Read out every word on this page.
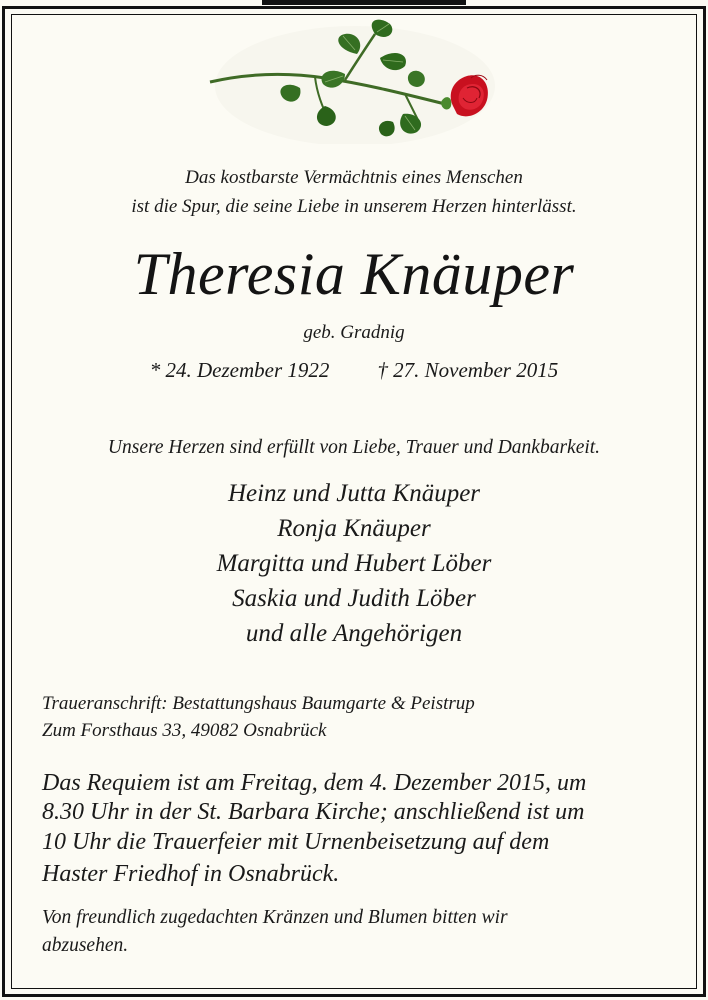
Das kostbarste Vermächtnis eines Menschen
ist die Spur, die seine Liebe in unserem Herzen hinterlässt.
Theresia Knäuper
geb. Gradnig
* 24. Dezember 1922 † 27. November 2015
Unsere Herzen sind erfüllt von Liebe, Trauer und Dankbarkeit.
Heinz und Jutta Knäuper
Ronja Knäuper
Margitta und Hubert Löber
Saskia und Judith Löber
und alle Angehörigen
Traueranschrift: Bestattungshaus Baumgarte & Peistrup
Zum Forsthaus 33, 49082 Osnabrück
Das Requiem ist am Freitag, dem 4. Dezember 2015, um
8.30 Uhr in der St. Barbara Kirche; anschließend ist um
10 Uhr die Trauerfeier mit Urnenbeisetzung auf dem
Haster Friedhof in Osnabrück.
Von freundlich zugedachten Kränzen und Blumen bitten wir
abzusehen.
